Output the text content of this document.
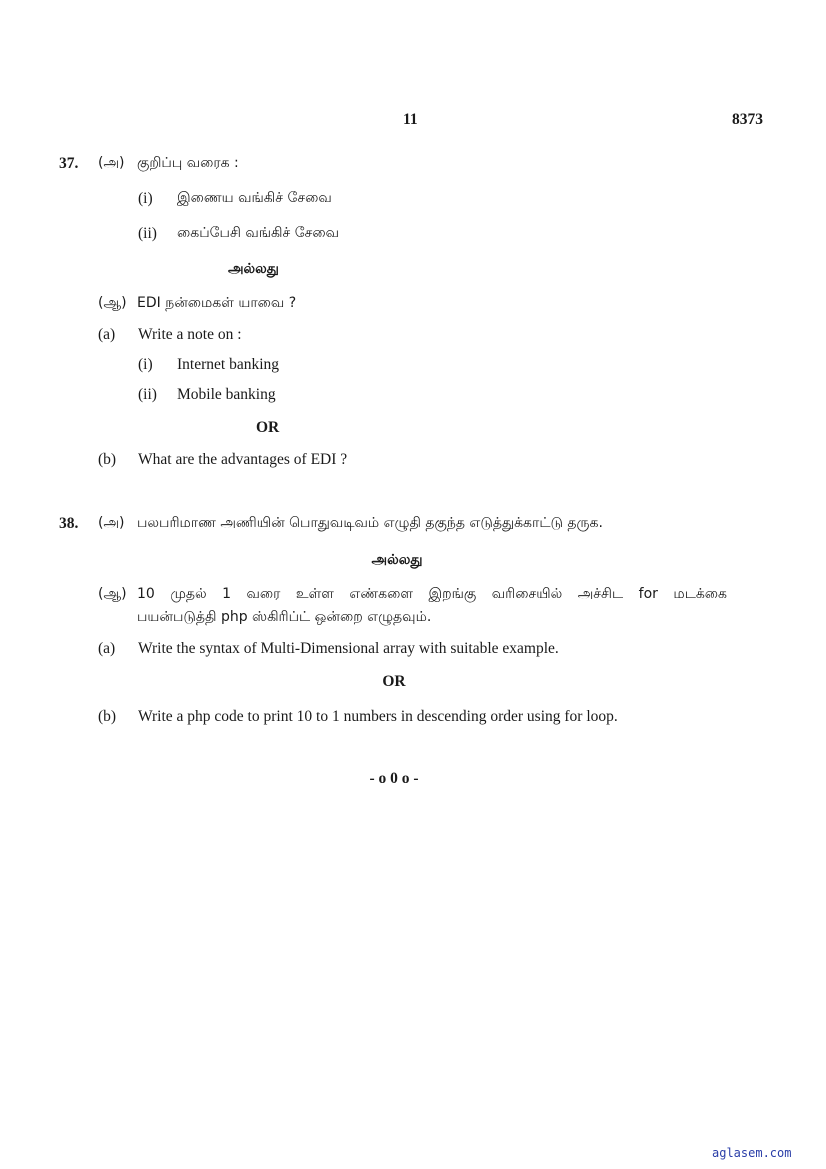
11	8373
37. (அ) குறிப்பு வரைக :
(i) இணைய வங்கிச் சேவை
(ii) கைப்பேசி வங்கிச் சேவை
அல்லது
(ஆ) EDI நன்மைகள் யாவை ?
(a) Write a note on :
(i) Internet banking
(ii) Mobile banking
OR
(b) What are the advantages of EDI ?
38. (அ) பலபரிமாண அணியின் பொதுவடிவம் எழுதி தகுந்த எடுத்துக்காட்டு தருக.
அல்லது
(ஆ) 10 முதல் 1 வரை உள்ள எண்களை இறங்கு வரிசையில் அச்சிட for மடக்கை
பயன்படுத்தி php ஸ்கிரிப்ட் ஒன்றை எழுதவும்.
(a) Write the syntax of Multi-Dimensional array with suitable example.
OR
(b) Write a php code to print 10 to 1 numbers in descending order using for loop.
- o 0 o -
aglasem.com
